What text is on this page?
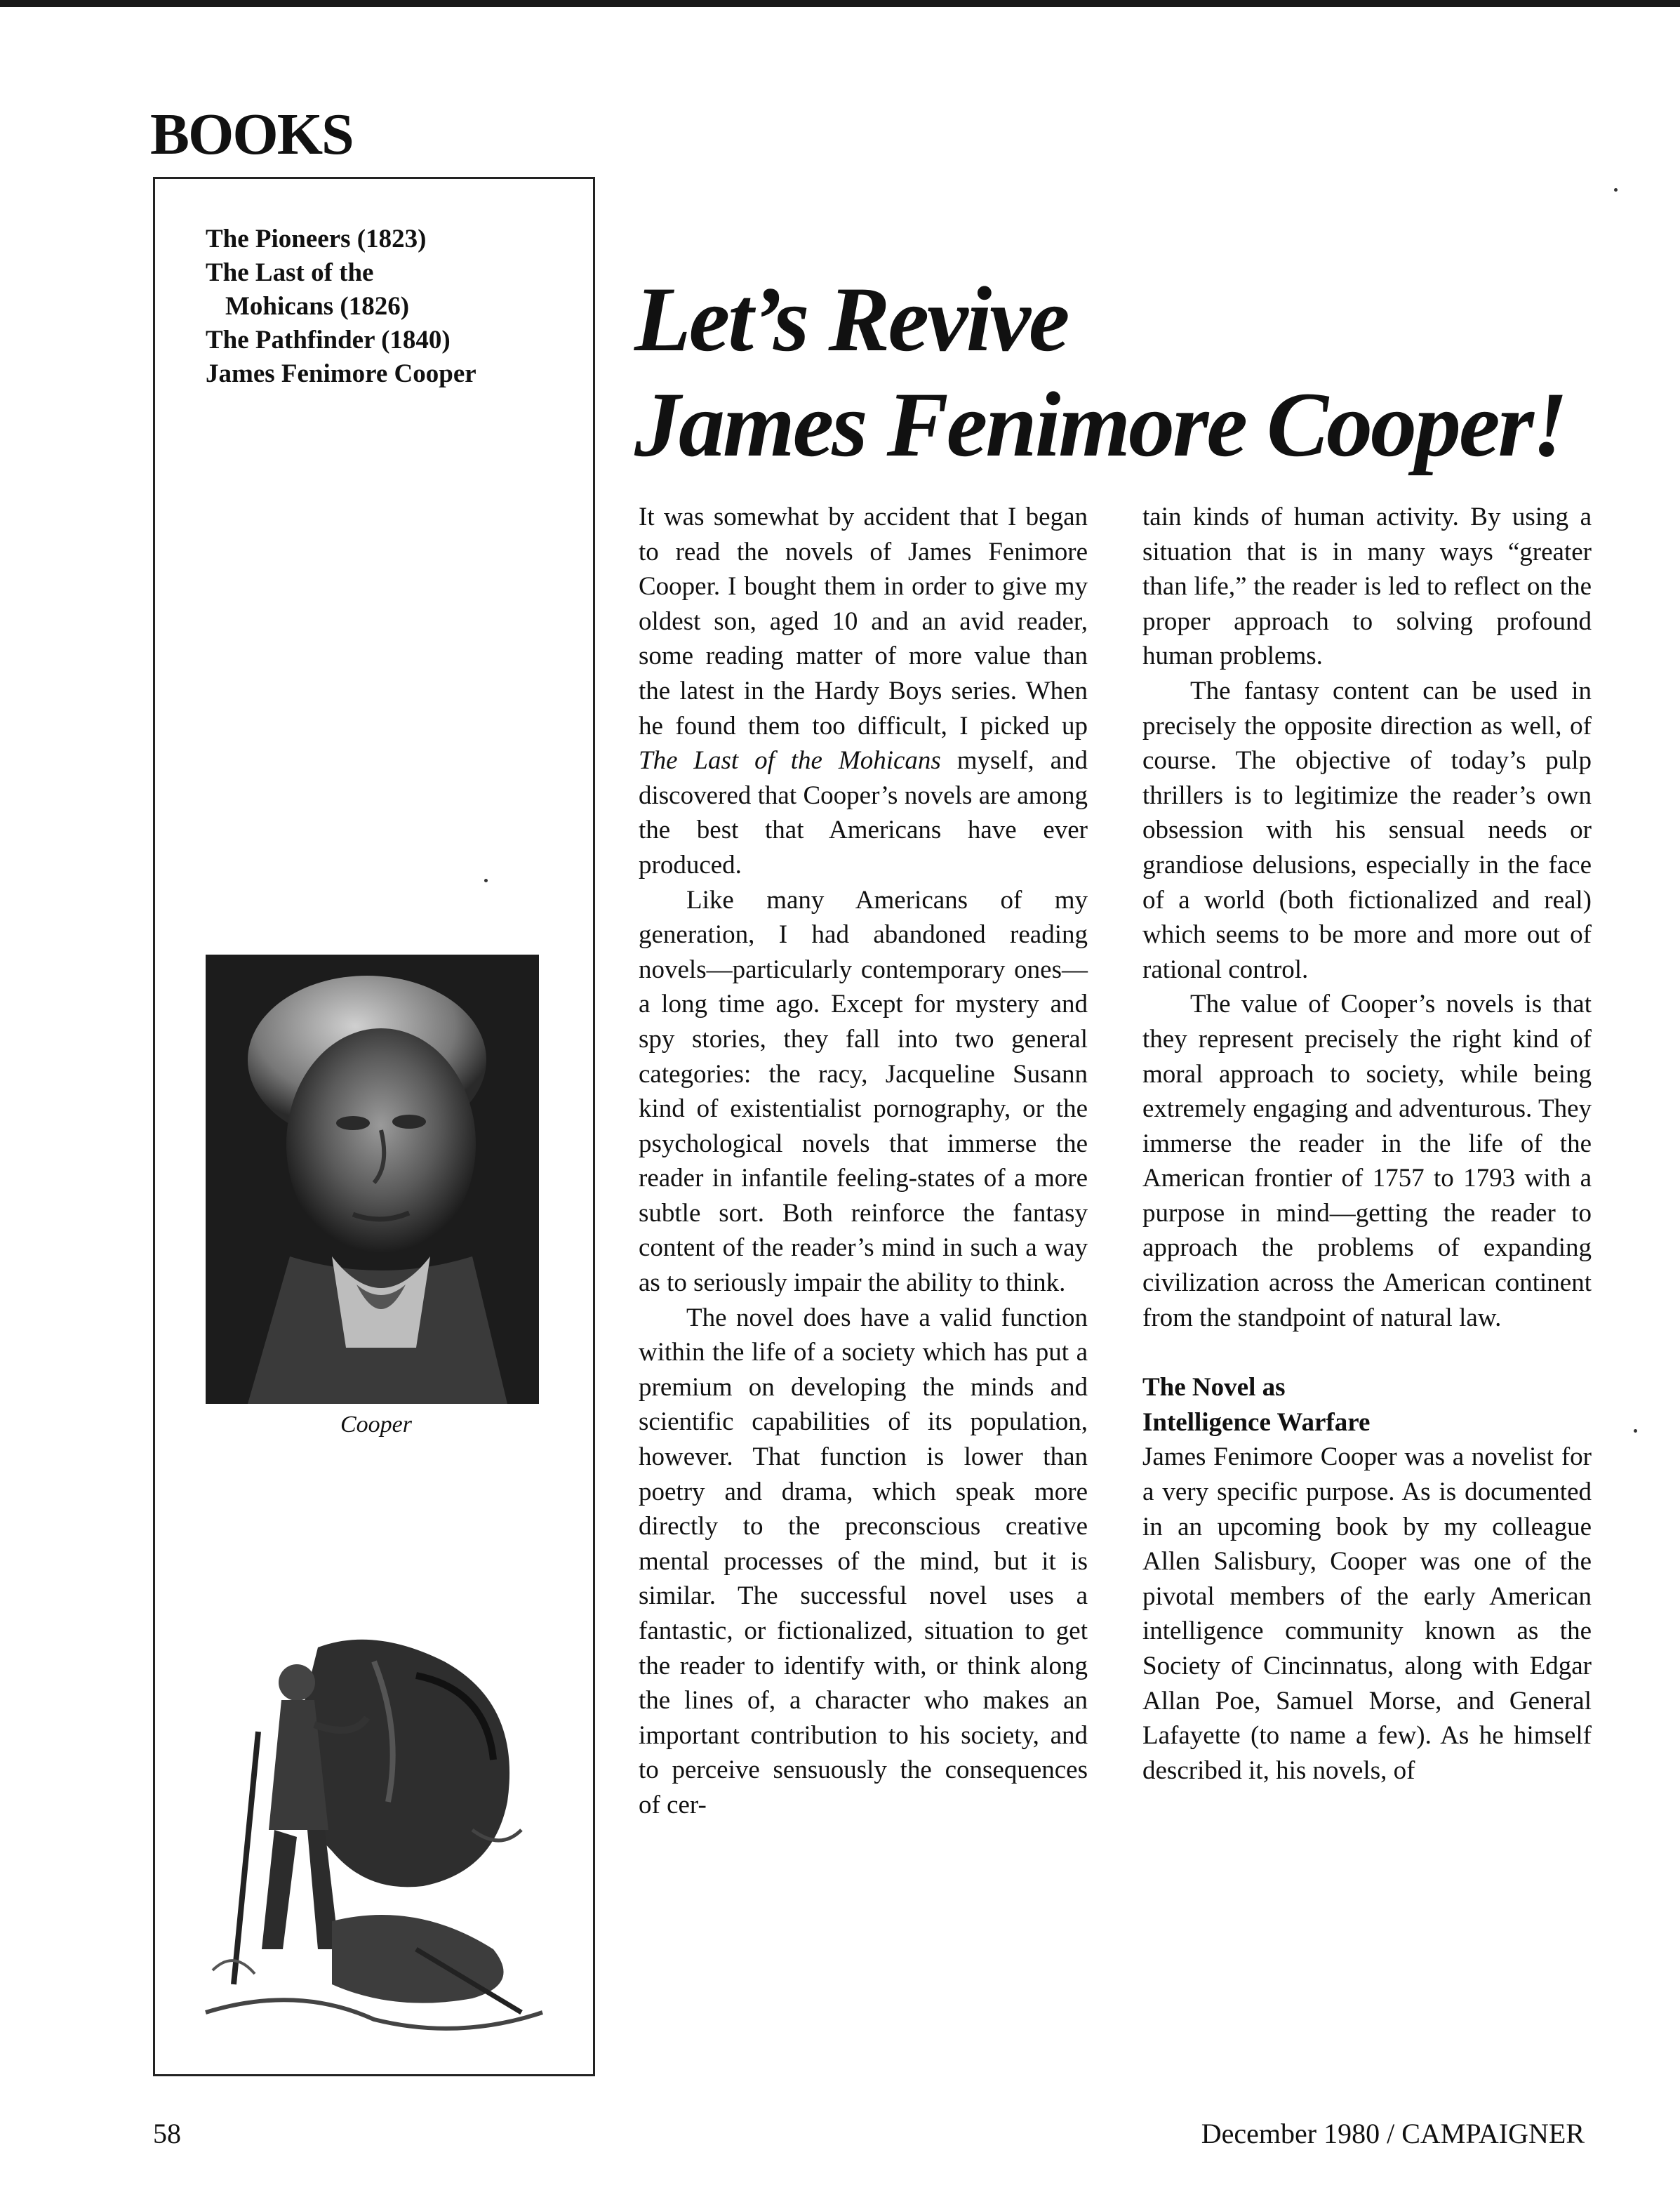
BOOKS
The Pioneers (1823)
The Last of the
Mohicans (1826)
The Pathfinder (1840)
James Fenimore Cooper
Cooper
Let’s Revive
James Fenimore Cooper!

It was somewhat by accident that I began to read the novels of James Fenimore Cooper. I bought them in order to give my oldest son, aged 10 and an avid reader, some reading matter of more value than the latest in the Hardy Boys series. When he found them too difficult, I picked up The Last of the Mohicans myself, and discovered that Cooper’s novels are among the best that Americans have ever produced.

Like many Americans of my generation, I had abandoned reading novels—particularly contemporary ones—a long time ago. Except for mystery and spy stories, they fall into two general categories: the racy, Jacqueline Susann kind of existentialist pornography, or the psychological novels that immerse the reader in infantile feeling-states of a more subtle sort. Both reinforce the fantasy content of the reader’s mind in such a way as to seriously impair the ability to think.

The novel does have a valid function within the life of a society which has put a premium on developing the minds and scientific capabilities of its population, however. That function is lower than poetry and drama, which speak more directly to the preconscious creative mental processes of the mind, but it is similar. The successful novel uses a fantastic, or fictionalized, situation to get the reader to identify with, or think along the lines of, a character who makes an important contribution to his society, and to perceive sensuously the consequences of cer-

tain kinds of human activity. By using a situation that is in many ways “greater than life,” the reader is led to reflect on the proper approach to solving profound human problems.

The fantasy content can be used in precisely the opposite direction as well, of course. The objective of today’s pulp thrillers is to legitimize the reader’s own obsession with his sensual needs or grandiose delusions, especially in the face of a world (both fictionalized and real) which seems to be more and more out of rational control.

The value of Cooper’s novels is that they represent precisely the right kind of moral approach to society, while being extremely engaging and adventurous. They immerse the reader in the life of the American frontier of 1757 to 1793 with a purpose in mind—getting the reader to approach the problems of expanding civilization across the American continent from the standpoint of natural law.

The Novel as
Intelligence Warfare

James Fenimore Cooper was a novelist for a very specific purpose. As is documented in an upcoming book by my colleague Allen Salisbury, Cooper was one of the pivotal members of the early American intelligence community known as the Society of Cincinnatus, along with Edgar Allan Poe, Samuel Morse, and General Lafayette (to name a few). As he himself described it, his novels, of

58	December 1980 / CAMPAIGNER
